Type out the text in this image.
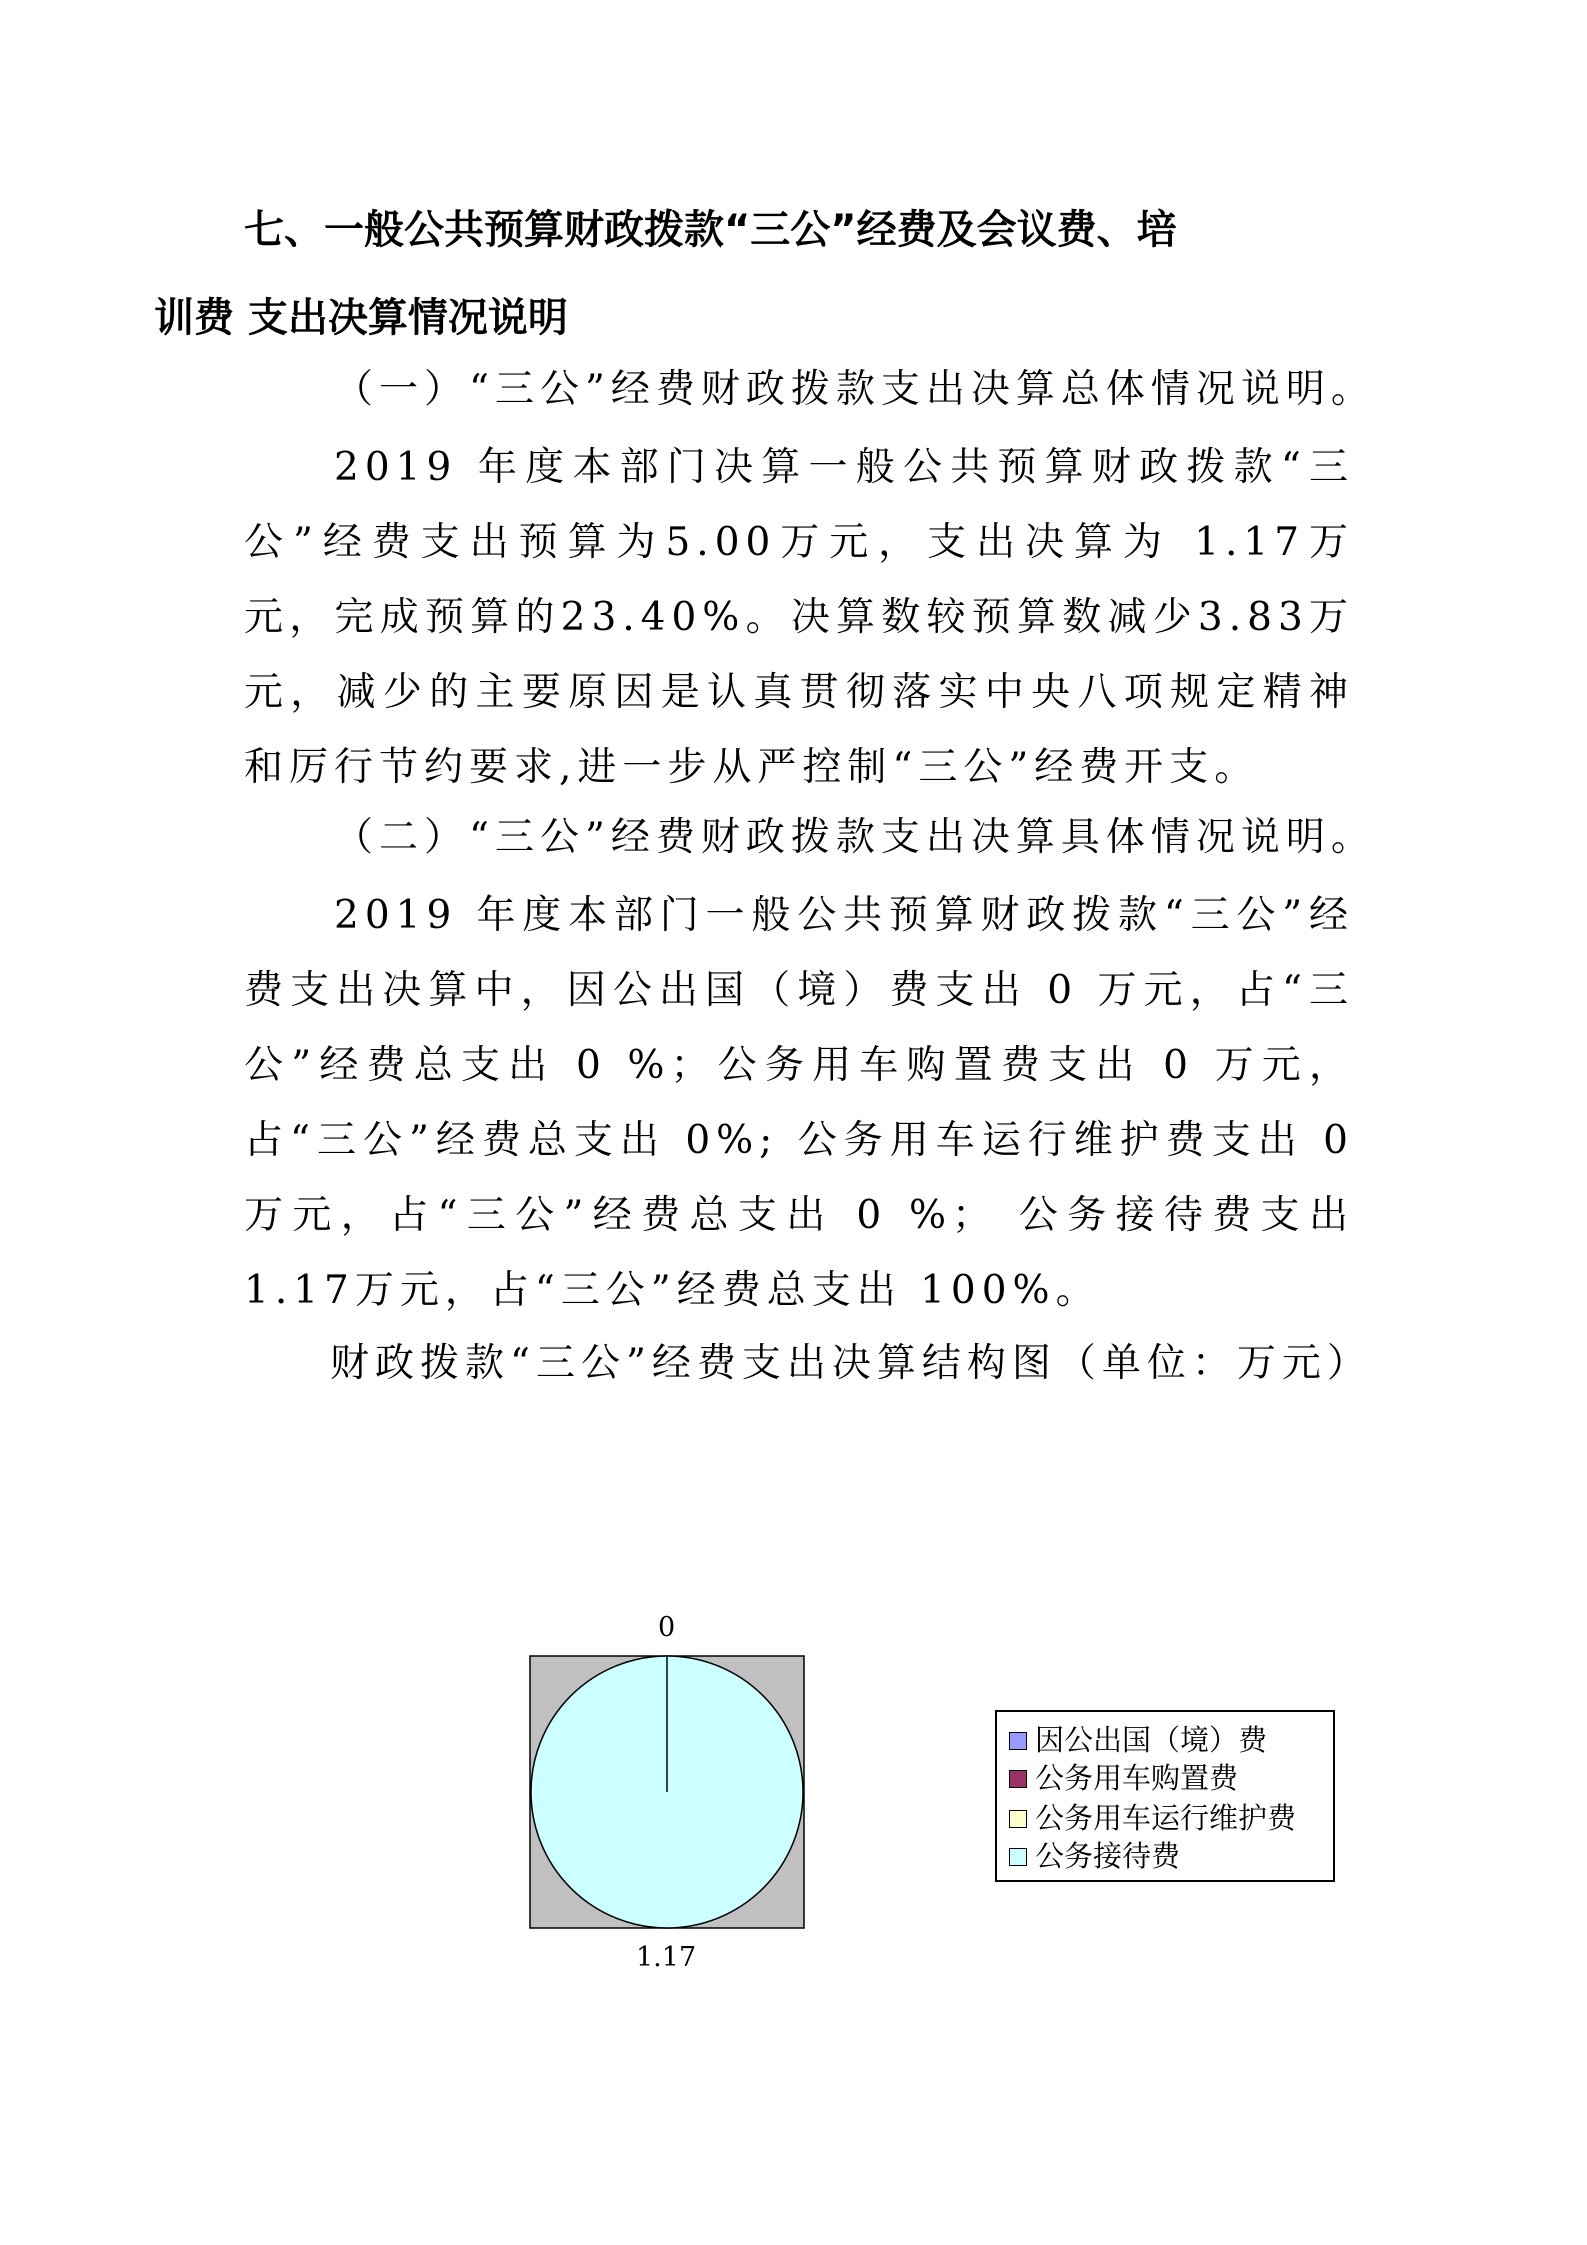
七、一般公共预算财政拨款“三公”经费及会议费、培
训费 支出决算情况说明
（一）“三公”经费财政拨款支出决算总体情况说明。
2019 年度本部门决算一般公共预算财政拨款“三公”经费支出预算为5.00万元，支出决算为 1.17万元，完成预算的23.40%。决算数较预算数减少3.83万元，减少的主要原因是认真贯彻落实中央八项规定精神和厉行节约要求,进一步从严控制“三公”经费开支。
（二）“三公”经费财政拨款支出决算具体情况说明。
2019 年度本部门一般公共预算财政拨款“三公”经费支出决算中，因公出国（境）费支出 0 万元，占“三公”经费总支出 0 %；公务用车购置费支出 0 万元，占“三公”经费总支出 0%; 公务用车运行维护费支出 0 万元，占“三公”经费总支出 0 %； 公务接待费支出1.17万元，占“三公”经费总支出 100%。
财政拨款“三公”经费支出决算结构图（单位：万元）
0
1.17
因公出国（境）费
公务用车购置费
公务用车运行维护费
公务接待费
